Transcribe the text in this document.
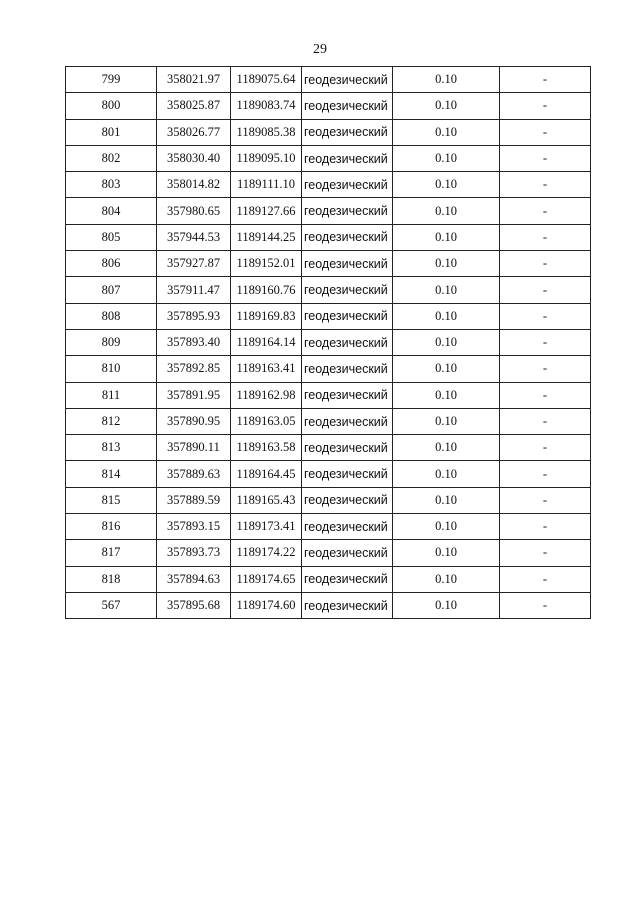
29
799	358021.97	1189075.64	геодезический	0.10	-
800	358025.87	1189083.74	геодезический	0.10	-
801	358026.77	1189085.38	геодезический	0.10	-
802	358030.40	1189095.10	геодезический	0.10	-
803	358014.82	1189111.10	геодезический	0.10	-
804	357980.65	1189127.66	геодезический	0.10	-
805	357944.53	1189144.25	геодезический	0.10	-
806	357927.87	1189152.01	геодезический	0.10	-
807	357911.47	1189160.76	геодезический	0.10	-
808	357895.93	1189169.83	геодезический	0.10	-
809	357893.40	1189164.14	геодезический	0.10	-
810	357892.85	1189163.41	геодезический	0.10	-
811	357891.95	1189162.98	геодезический	0.10	-
812	357890.95	1189163.05	геодезический	0.10	-
813	357890.11	1189163.58	геодезический	0.10	-
814	357889.63	1189164.45	геодезический	0.10	-
815	357889.59	1189165.43	геодезический	0.10	-
816	357893.15	1189173.41	геодезический	0.10	-
817	357893.73	1189174.22	геодезический	0.10	-
818	357894.63	1189174.65	геодезический	0.10	-
567	357895.68	1189174.60	геодезический	0.10	-
